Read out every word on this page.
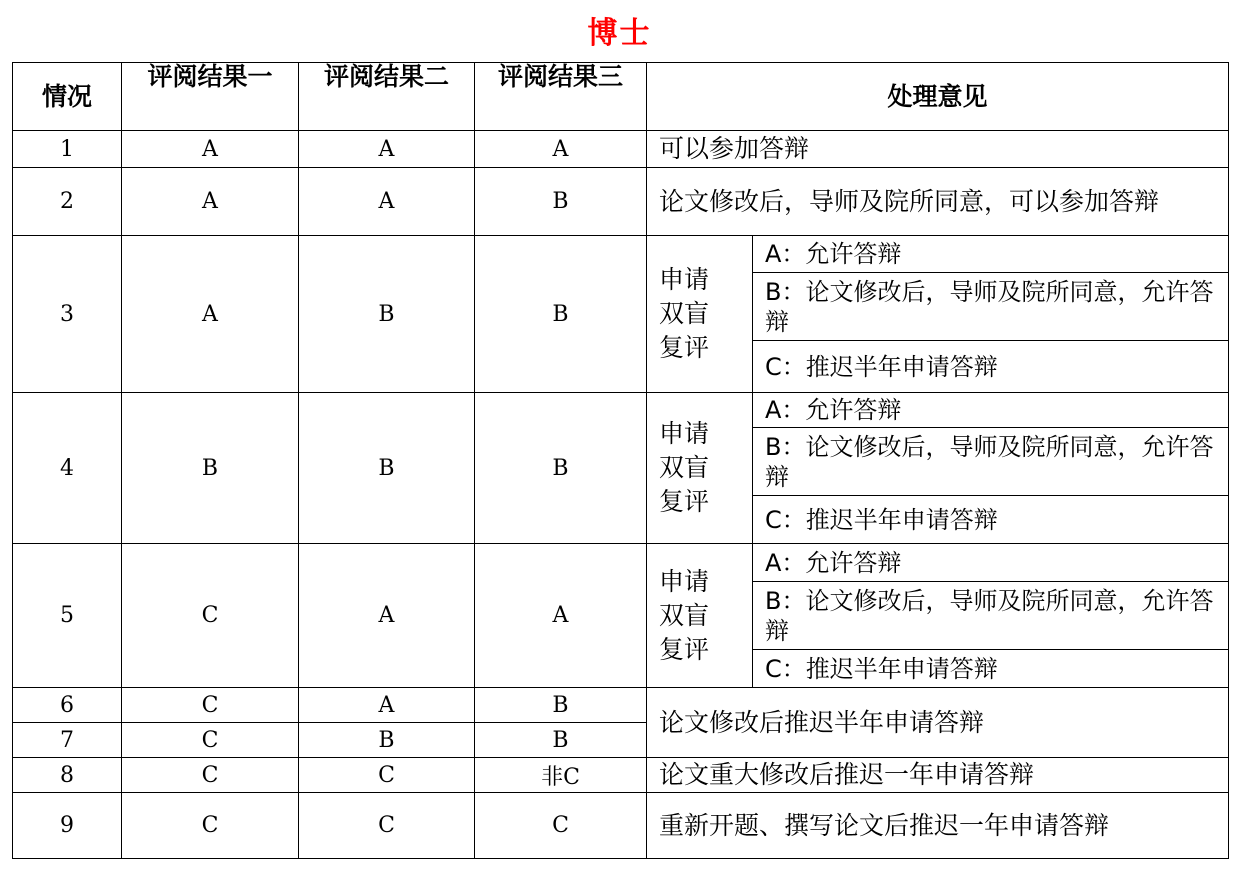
博士
情况	评阅结果一	评阅结果二	评阅结果三	处理意见	
1	A	A	A	可以参加答辩	
2	A	A	B	论文修改后，导师及院所同意，可以参加答辩	
3	A	B	B	申请双盲复评	A：允许答辩
					B：论文修改后，导师及院所同意，允许答辩
					C：推迟半年申请答辩
4	B	B	B	申请双盲复评	A：允许答辩
					B：论文修改后，导师及院所同意，允许答辩
					C：推迟半年申请答辩
5	C	A	A	申请双盲复评	A：允许答辩
					B：论文修改后，导师及院所同意，允许答辩
					C：推迟半年申请答辩
6	C	A	B	论文修改后推迟半年申请答辩	
7	C	B	B		
8	C	C	非C	论文重大修改后推迟一年申请答辩	
9	C	C	C	重新开题、撰写论文后推迟一年申请答辩	
